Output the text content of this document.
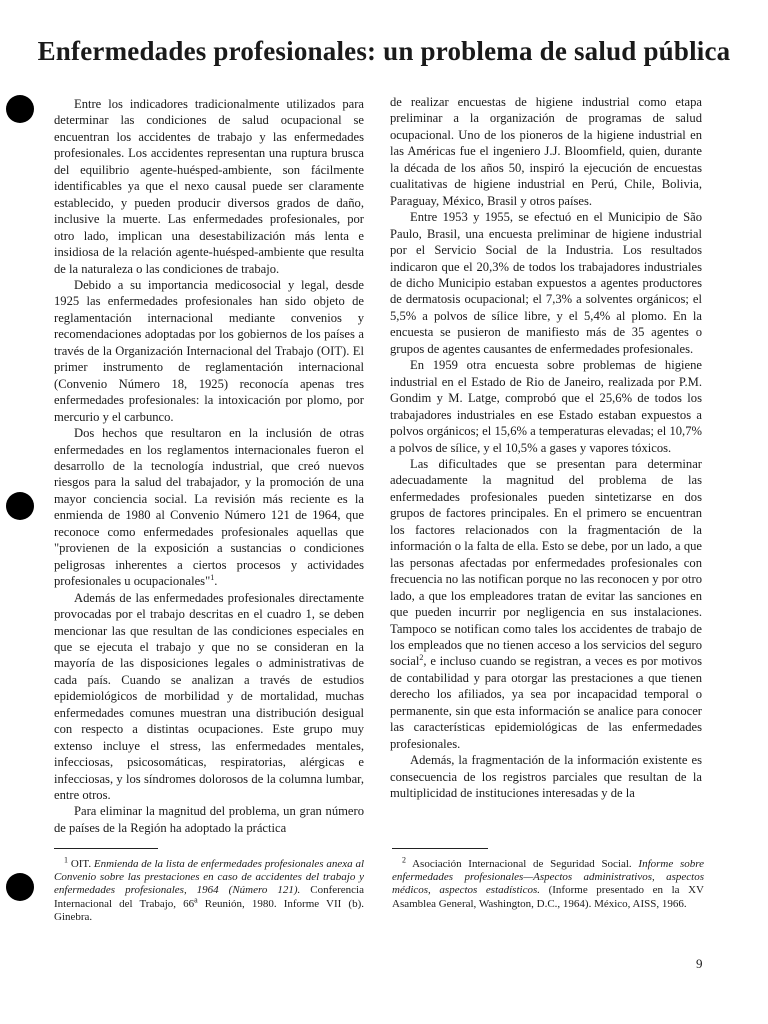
Enfermedades profesionales: un problema de salud pública

Entre los indicadores tradicionalmente utilizados para determinar las condiciones de salud ocupacional se encuentran los accidentes de trabajo y las enfermedades profesionales. Los accidentes representan una ruptura brusca del equilibrio agente-huésped-ambiente, son fácilmente identificables ya que el nexo causal puede ser claramente establecido, y pueden producir diversos grados de daño, inclusive la muerte. Las enfermedades profesionales, por otro lado, implican una desestabilización más lenta e insidiosa de la relación agente-huésped-ambiente que resulta de la naturaleza o las condiciones de trabajo.

Debido a su importancia medicosocial y legal, desde 1925 las enfermedades profesionales han sido objeto de reglamentación internacional mediante convenios y recomendaciones adoptadas por los gobiernos de los países a través de la Organización Internacional del Trabajo (OIT). El primer instrumento de reglamentación internacional (Convenio Número 18, 1925) reconocía apenas tres enfermedades profesionales: la intoxicación por plomo, por mercurio y el carbunco.

Dos hechos que resultaron en la inclusión de otras enfermedades en los reglamentos internacionales fueron el desarrollo de la tecnología industrial, que creó nuevos riesgos para la salud del trabajador, y la promoción de una mayor conciencia social. La revisión más reciente es la enmienda de 1980 al Convenio Número 121 de 1964, que reconoce como enfermedades profesionales aquellas que "provienen de la exposición a sustancias o condiciones peligrosas inherentes a ciertos procesos y actividades profesionales u ocupacionales"$^1$.

Además de las enfermedades profesionales directamente provocadas por el trabajo descritas en el cuadro 1, se deben mencionar las que resultan de las condiciones especiales en que se ejecuta el trabajo y que no se consideran en la mayoría de las disposiciones legales o administrativas de cada país. Cuando se analizan a través de estudios epidemiológicos de morbilidad y de mortalidad, muchas enfermedades comunes muestran una distribución desigual con respecto a distintas ocupaciones. Este grupo muy extenso incluye el stress, las enfermedades mentales, infecciosas, psicosomáticas, respiratorias, alérgicas e infecciosas, y los síndromes dolorosos de la columna lumbar, entre otros.

Para eliminar la magnitud del problema, un gran número de países de la Región ha adoptado la práctica

de realizar encuestas de higiene industrial como etapa preliminar a la organización de programas de salud ocupacional. Uno de los pioneros de la higiene industrial en las Américas fue el ingeniero J.J. Bloomfield, quien, durante la década de los años 50, inspiró la ejecución de encuestas cualitativas de higiene industrial en Perú, Chile, Bolivia, Paraguay, México, Brasil y otros países.

Entre 1953 y 1955, se efectuó en el Municipio de São Paulo, Brasil, una encuesta preliminar de higiene industrial por el Servicio Social de la Industria. Los resultados indicaron que el 20,3% de todos los trabajadores industriales de dicho Municipio estaban expuestos a agentes productores de dermatosis ocupacional; el 7,3% a solventes orgánicos; el 5,5% a polvos de sílice libre, y el 5,4% al plomo. En la encuesta se pusieron de manifiesto más de 35 agentes o grupos de agentes causantes de enfermedades profesionales.

En 1959 otra encuesta sobre problemas de higiene industrial en el Estado de Rio de Janeiro, realizada por P.M. Gondim y M. Latge, comprobó que el 25,6% de todos los trabajadores industriales en ese Estado estaban expuestos a polvos orgánicos; el 15,6% a temperaturas elevadas; el 10,7% a polvos de sílice, y el 10,5% a gases y vapores tóxicos.

Las dificultades que se presentan para determinar adecuadamente la magnitud del problema de las enfermedades profesionales pueden sintetizarse en dos grupos de factores principales. En el primero se encuentran los factores relacionados con la fragmentación de la información o la falta de ella. Esto se debe, por un lado, a que las personas afectadas por enfermedades profesionales con frecuencia no las notifican porque no las reconocen y por otro lado, a que los empleadores tratan de evitar las sanciones en que pueden incurrir por negligencia en sus instalaciones. Tampoco se notifican como tales los accidentes de trabajo de los empleados que no tienen acceso a los servicios del seguro social$^2$, e incluso cuando se registran, a veces es por motivos de contabilidad y para otorgar las prestaciones a que tienen derecho los afiliados, ya sea por incapacidad temporal o permanente, sin que esta información se analice para conocer las características epidemiológicas de las enfermedades profesionales.

Además, la fragmentación de la información existente es consecuencia de los registros parciales que resultan de la multiplicidad de instituciones interesadas y de la

$^1$ OIT. Enmienda de la lista de enfermedades profesionales anexa al Convenio sobre las prestaciones en caso de accidentes del trabajo y enfermedades profesionales, 1964 (Número 121). Conferencia Internacional del Trabajo, 66$^a$ Reunión, 1980. Informe VII (b). Ginebra.

$^2$ Asociación Internacional de Seguridad Social. Informe sobre enfermedades profesionales—Aspectos administrativos, aspectos médicos, aspectos estadísticos. (Informe presentado en la XV Asamblea General, Washington, D.C., 1964). México, AISS, 1966.

9
